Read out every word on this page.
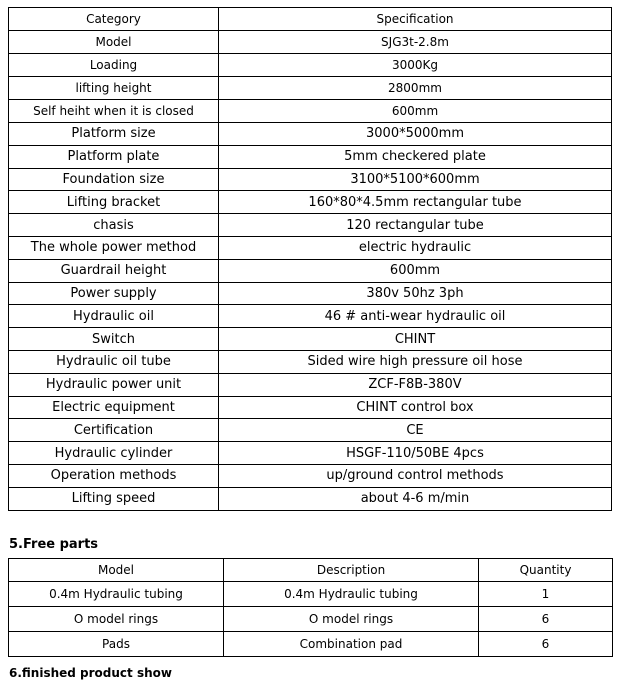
Category	Specification
Model	SJG3t-2.8m
Loading	3000Kg
lifting height	2800mm
Self heiht when it is closed	600mm
Platform size	3000*5000mm
Platform plate	5mm checkered plate
Foundation size	3100*5100*600mm
Lifting bracket	160*80*4.5mm rectangular tube
chasis	120 rectangular tube
The whole power method	electric hydraulic
Guardrail height	600mm
Power supply	380v 50hz 3ph
Hydraulic oil	46 # anti-wear hydraulic oil
Switch	CHINT
Hydraulic oil tube	Sided wire high pressure oil hose
Hydraulic power unit	ZCF-F8B-380V
Electric equipment	CHINT control box
Certification	CE
Hydraulic cylinder	HSGF-110/50BE 4pcs
Operation methods	up/ground control methods
Lifting speed	about 4-6 m/min
5.Free parts
Model	Description	Quantity
0.4m Hydraulic tubing	0.4m Hydraulic tubing	1
O model rings	O model rings	6
Pads	Combination pad	6
6.finished product show
